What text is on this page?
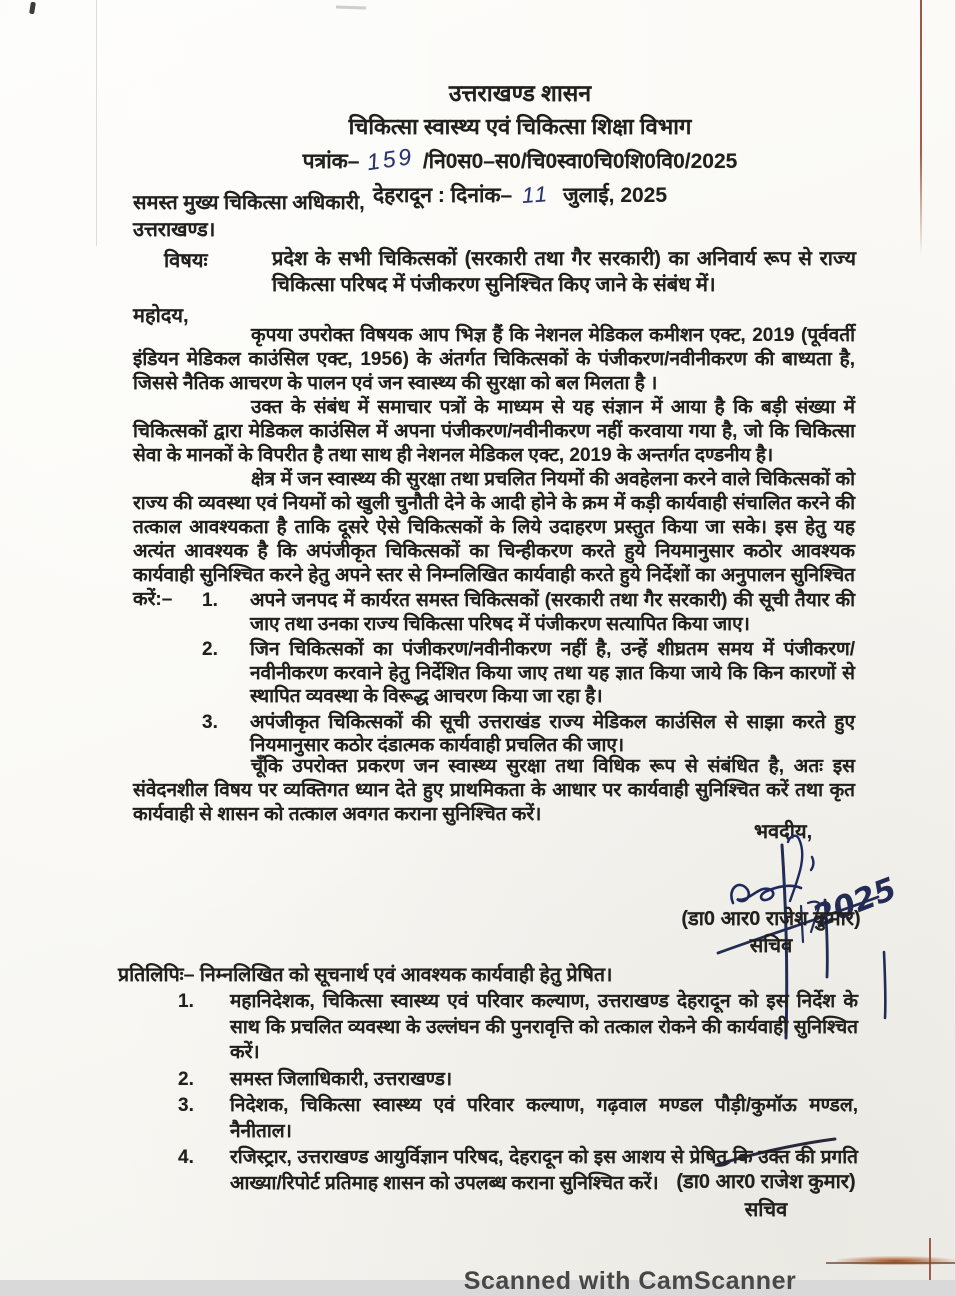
उत्तराखण्ड शासन
चिकित्सा स्वास्थ्य एवं चिकित्सा शिक्षा विभाग
पत्रांक– 159 /नि0स0–स0/चि0स्वा0चि0शि0वि0/2025
देहरादून : दिनांक– 11 जुलाई, 2025
समस्त मुख्य चिकित्सा अधिकारी,
उत्तराखण्ड।
विषयः	प्रदेश के सभी चिकित्सकों (सरकारी तथा गैर सरकारी) का अनिवार्य रूप से राज्य चिकित्सा परिषद में पंजीकरण सुनिश्चित किए जाने के संबंध में।
महोदय,

कृपया उपरोक्त विषयक आप भिज्ञ हैं कि नेशनल मेडिकल कमीशन एक्ट, 2019 (पूर्ववर्ती इंडियन मेडिकल काउंसिल एक्ट, 1956) के अंतर्गत चिकित्सकों के पंजीकरण/नवीनीकरण की बाध्यता है, जिससे नैतिक आचरण के पालन एवं जन स्वास्थ्य की सुरक्षा को बल मिलता है ।

उक्त के संबंध में समाचार पत्रों के माध्यम से यह संज्ञान में आया है कि बड़ी संख्या में चिकित्सकों द्वारा मेडिकल काउंसिल में अपना पंजीकरण/नवीनीकरण नहीं करवाया गया है, जो कि चिकित्सा सेवा के मानकों के विपरीत है तथा साथ ही नेशनल मेडिकल एक्ट, 2019 के अन्तर्गत दण्डनीय है।

क्षेत्र में जन स्वास्थ्य की सुरक्षा तथा प्रचलित नियमों की अवहेलना करने वाले चिकित्सकों को राज्य की व्यवस्था एवं नियमों को खुली चुनौती देने के आदी होने के क्रम में कड़ी कार्यवाही संचालित करने की तत्काल आवश्यकता है ताकि दूसरे ऐसे चिकित्सकों के लिये उदाहरण प्रस्तुत किया जा सके। इस हेतु यह अत्यंत आवश्यक है कि अपंजीकृत चिकित्सकों का चिन्हीकरण करते हुये नियमानुसार कठोर आवश्यक कार्यवाही सुनिश्चित करने हेतु अपने स्तर से निम्नलिखित कार्यवाही करते हुये निर्देशों का अनुपालन सुनिश्चित करें:–	1.	अपने जनपद में कार्यरत समस्त चिकित्सकों (सरकारी तथा गैर सरकारी) की सूची तैयार की जाए तथा उनका राज्य चिकित्सा परिषद में पंजीकरण सत्यापित किया जाए।
2.	जिन चिकित्सकों का पंजीकरण/नवीनीकरण नहीं है, उन्हें शीघ्रतम समय में पंजीकरण/नवीनीकरण करवाने हेतु निर्देशित किया जाए तथा यह ज्ञात किया जाये कि किन कारणों से स्थापित व्यवस्था के विरूद्ध आचरण किया जा रहा है।
3.	अपंजीकृत चिकित्सकों की सूची उत्तराखंड राज्य मेडिकल काउंसिल से साझा करते हुए नियमानुसार कठोर दंडात्मक कार्यवाही प्रचलित की जाए।

चूँकि उपरोक्त प्रकरण जन स्वास्थ्य सुरक्षा तथा विधिक रूप से संबंधित है, अतः इस संवेदनशील विषय पर व्यक्तिगत ध्यान देते हुए प्राथमिकता के आधार पर कार्यवाही सुनिश्चित करें तथा कृत कार्यवाही से शासन को तत्काल अवगत कराना सुनिश्चित करें।

भवदीय,
2025
(डा0 आर0 राजेश कुमार)
सचिव
प्रतिलिपिः– निम्नलिखित को सूचनार्थ एवं आवश्यक कार्यवाही हेतु प्रेषित।
1.	महानिदेशक, चिकित्सा स्वास्थ्य एवं परिवार कल्याण, उत्तराखण्ड देहरादून को इस निर्देश के साथ कि प्रचलित व्यवस्था के उल्लंघन की पुनरावृत्ति को तत्काल रोकने की कार्यवाही सुनिश्चित करें।
2.	समस्त जिलाधिकारी, उत्तराखण्ड।
3.	निदेशक, चिकित्सा स्वास्थ्य एवं परिवार कल्याण, गढ़वाल मण्डल पौड़ी/कुमॉऊ मण्डल, नैनीताल।
4.	रजिस्ट्रार, उत्तराखण्ड आयुर्विज्ञान परिषद, देहरादून को इस आशय से प्रेषित कि उक्त की प्रगति आख्या/रिपोर्ट प्रतिमाह शासन को उपलब्ध कराना सुनिश्चित करें। (डा0 आर0 राजेश कुमार)
सचिव
Scanned with CamScanner
